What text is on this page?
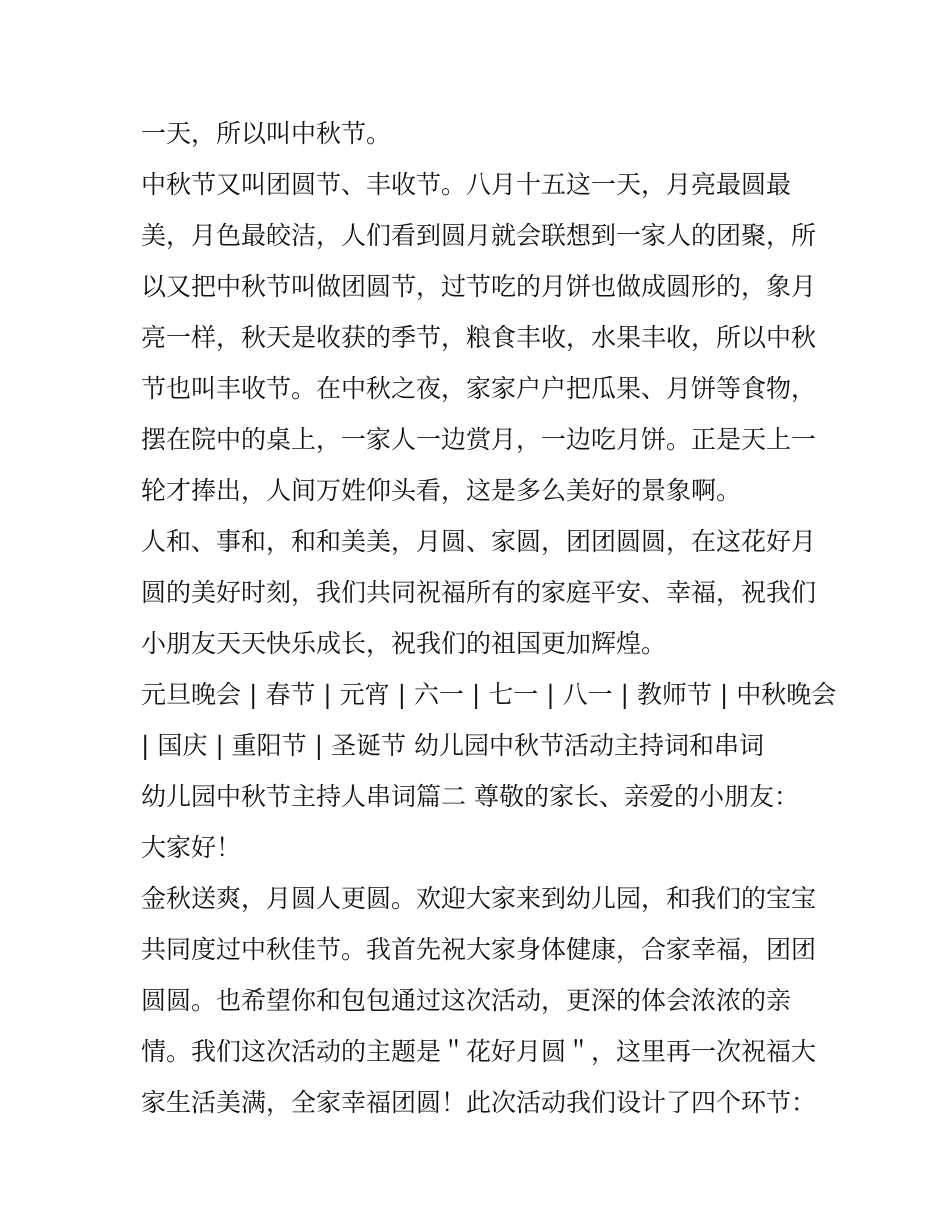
一天，所以叫中秋节。
中秋节又叫团圆节、丰收节。八月十五这一天，月亮最圆最
美，月色最皎洁，人们看到圆月就会联想到一家人的团聚，所
以又把中秋节叫做团圆节，过节吃的月饼也做成圆形的，象月
亮一样，秋天是收获的季节，粮食丰收，水果丰收，所以中秋
节也叫丰收节。在中秋之夜，家家户户把瓜果、月饼等食物，
摆在院中的桌上，一家人一边赏月，一边吃月饼。正是天上一
轮才捧出，人间万姓仰头看，这是多么美好的景象啊。
人和、事和，和和美美，月圆、家圆，团团圆圆，在这花好月
圆的美好时刻，我们共同祝福所有的家庭平安、幸福，祝我们
小朋友天天快乐成长，祝我们的祖国更加辉煌。
元旦晚会 | 春节 | 元宵 | 六一 | 七一 | 八一 | 教师节 | 中秋晚会
| 国庆 | 重阳节 | 圣诞节 幼儿园中秋节活动主持词和串词
幼儿园中秋节主持人串词篇二 尊敬的家长、亲爱的小朋友：
大家好！
金秋送爽，月圆人更圆。欢迎大家来到幼儿园，和我们的宝宝
共同度过中秋佳节。我首先祝大家身体健康，合家幸福，团团
圆圆。也希望你和包包通过这次活动，更深的体会浓浓的亲
情。我们这次活动的主题是＂花好月圆＂，这里再一次祝福大
家生活美满，全家幸福团圆！此次活动我们设计了四个环节：
